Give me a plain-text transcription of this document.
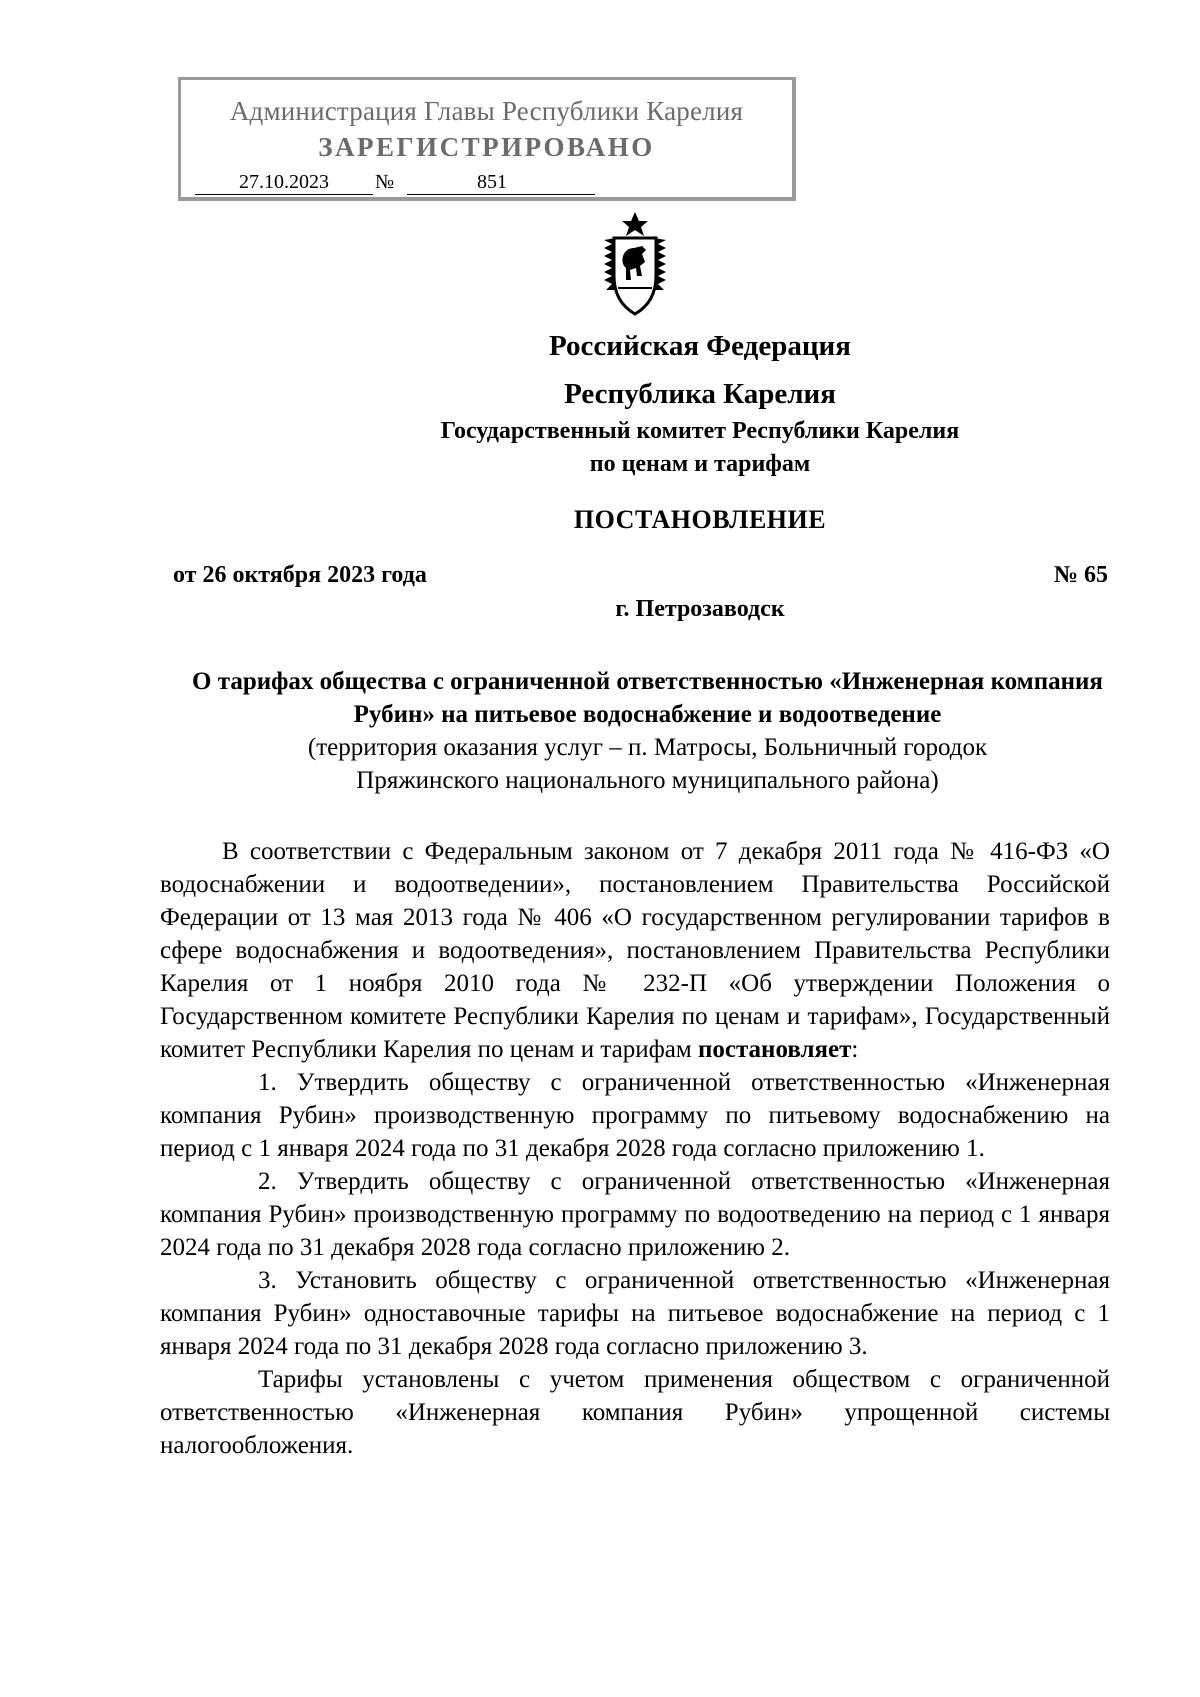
Администрация Главы Республики Карелия
ЗАРЕГИСТРИРОВАНО
27.10.2023	№	851
Российская Федерация
Республика Карелия
Государственный комитет Республики Карелия
по ценам и тарифам
ПОСТАНОВЛЕНИЕ
от 26 октября 2023 года	№ 65
г. Петрозаводск
О тарифах общества с ограниченной ответственностью «Инженерная компания Рубин» на питьевое водоснабжение и водоотведение
(территория оказания услуг – п. Матросы, Больничный городок
Пряжинского национального муниципального района)

В соответствии с Федеральным законом от 7 декабря 2011 года № 416-ФЗ «О водоснабжении и водоотведении», постановлением Правительства Российской Федерации от 13 мая 2013 года № 406 «О государственном регулировании тарифов в сфере водоснабжения и водоотведения», постановлением Правительства Республики Карелия от 1 ноября 2010 года № 232-П «Об утверждении Положения о Государственном комитете Республики Карелия по ценам и тарифам», Государственный комитет Республики Карелия по ценам и тарифам постановляет:

1. Утвердить обществу с ограниченной ответственностью «Инженерная компания Рубин» производственную программу по питьевому водоснабжению на период с 1 января 2024 года по 31 декабря 2028 года согласно приложению 1.

2. Утвердить обществу с ограниченной ответственностью «Инженерная компания Рубин» производственную программу по водоотведению на период с 1 января 2024 года по 31 декабря 2028 года согласно приложению 2.

3. Установить обществу с ограниченной ответственностью «Инженерная компания Рубин» одноставочные тарифы на питьевое водоснабжение на период с 1 января 2024 года по 31 декабря 2028 года согласно приложению 3.

Тарифы установлены с учетом применения обществом с ограниченной ответственностью «Инженерная компания Рубин» упрощенной системы налогообложения.
